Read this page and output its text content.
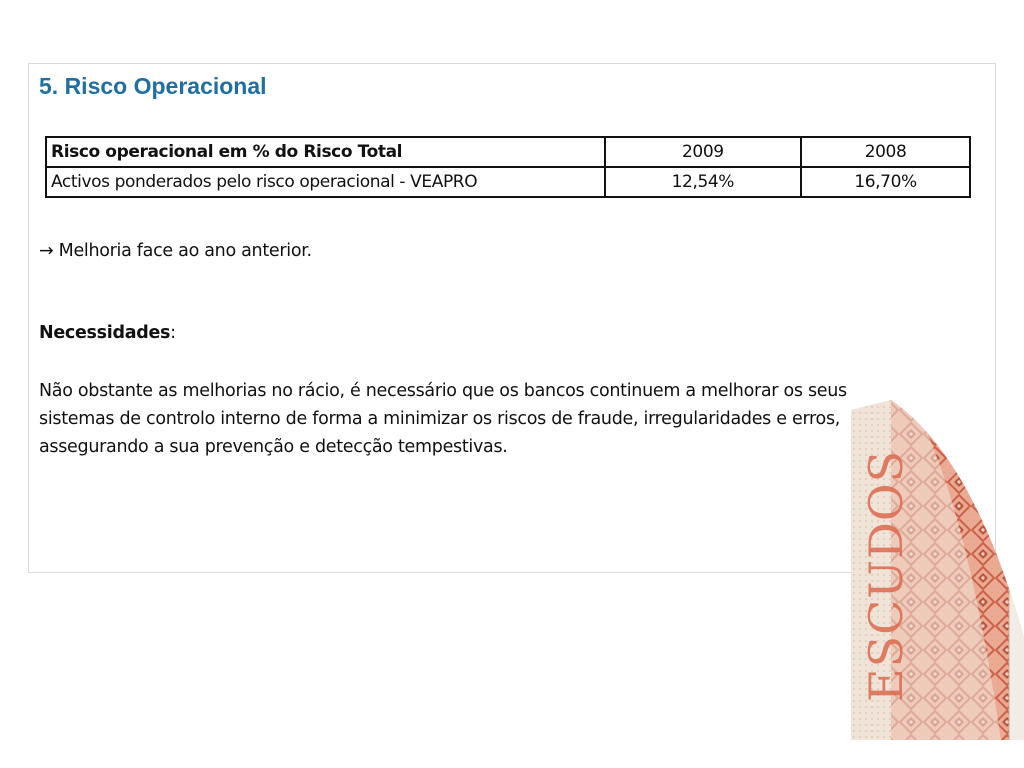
5. Risco Operacional
Risco operacional em % do Risco Total	2009	2008
Activos ponderados pelo risco operacional - VEAPRO	12,54%	16,70%
→ Melhoria face ao ano anterior.
Necessidades:
Não obstante as melhorias no rácio, é necessário que os bancos continuem a melhorar os seus
sistemas de controlo interno de forma a minimizar os riscos de fraude, irregularidades e erros,
assegurando a sua prevenção e detecção tempestivas.
ESCUDOS
